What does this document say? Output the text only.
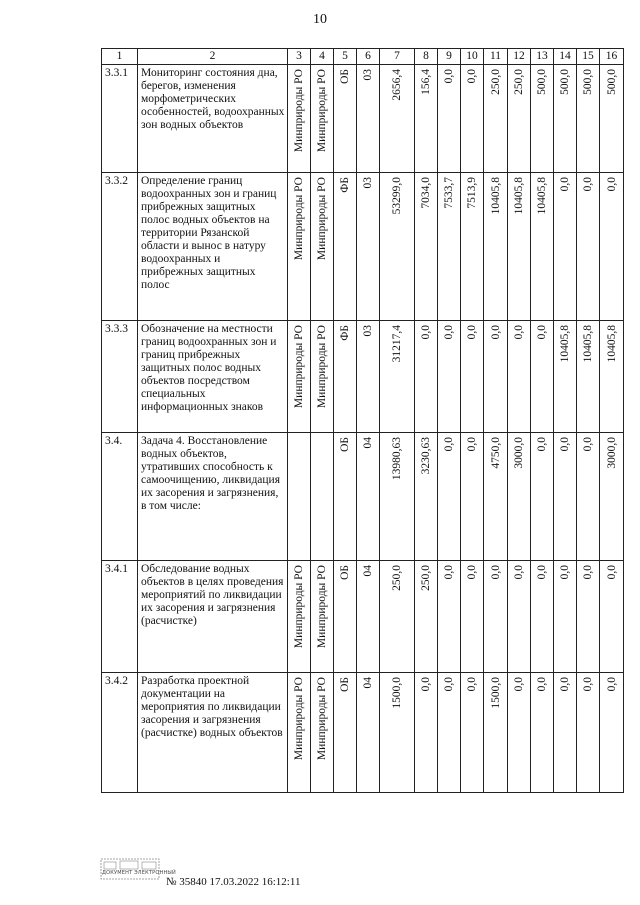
10
1	2	3	4	5	6	7	8	9	10	11	12	13	14	15	16
3.3.1	Мониторинг состояния дна, берегов, изменения морфометрических особенностей, водоохранных зон водных объектов	Минприроды РО	Минприроды РО	ОБ	03	2656,4	156,4	0,0	0,0	250,0	250,0	500,0	500,0	500,0	500,0

3.3.2	Определение границ водоохранных зон и границ прибрежных защитных полос водных объектов на территории Рязанской области и вынос в натуру водоохранных и прибрежных защитных полос	Минприроды РО	Минприроды РО	ФБ	03	53299,0	7034,0	7533,7	7513,9	10405,8	10405,8	10405,8	0,0	0,0	0,0

3.3.3	Обозначение на местности границ водоохранных зон и границ прибрежных защитных полос водных объектов посредством специальных информационных знаков	Минприроды РО	Минприроды РО	ФБ	03	31217,4	0,0	0,0	0,0	0,0	0,0	0,0	10405,8	10405,8	10405,8

3.4.	Задача 4. Восстановление водных объектов, утративших способность к самоочищению, ликвидация их засорения и загрязнения, в том числе:			ОБ	04	13980,63	3230,63	0,0	0,0	4750,0	3000,0	0,0	0,0	0,0	3000,0

3.4.1	Обследование водных объектов в целях проведения мероприятий по ликвидации их засорения и загрязнения (расчистке)	Минприроды РО	Минприроды РО	ОБ	04	250,0	250,0	0,0	0,0	0,0	0,0	0,0	0,0	0,0	0,0

3.4.2	Разработка проектной документации на мероприятия по ликвидации засорения и загрязнения (расчистке) водных объектов	Минприроды РО	Минприроды РО	ОБ	04	1500,0	0,0	0,0	0,0	1500,0	0,0	0,0	0,0	0,0	0,0
ДОКУМЕНТ ЭЛЕКТРОННЫЙ
№ 35840 17.03.2022 16:12:11
